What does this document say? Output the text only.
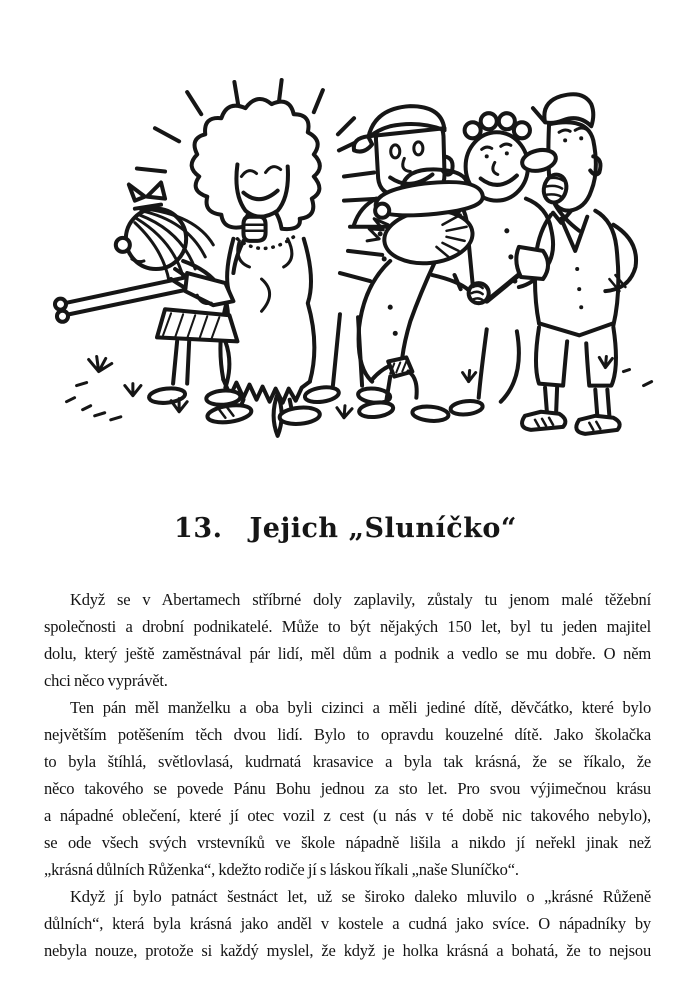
13. Jejich „Sluníčko“
Když se v Abertamech stříbrné doly zaplavily, zůstaly tu jenom malé těžební
společnosti a drobní podnikatelé. Může to být nějakých 150 let, byl tu jeden majitel
dolu, který ještě zaměstnával pár lidí, měl dům a podnik a vedlo se mu dobře. O něm
chci něco vyprávět.
Ten pán měl manželku a oba byli cizinci a měli jediné dítě, děvčátko, které bylo
největším potěšením těch dvou lidí. Bylo to opravdu kouzelné dítě. Jako školačka
to byla štíhlá, světlovlasá, kudrnatá krasavice a byla tak krásná, že se říkalo, že
něco takového se povede Pánu Bohu jednou za sto let. Pro svou výjimečnou krásu
a nápadné oblečení, které jí otec vozil z cest (u nás v té době nic takového nebylo),
se ode všech svých vrstevníků ve škole nápadně lišila a nikdo jí neřekl jinak než
„krásná důlních Růženka“, kdežto rodiče jí s láskou říkali „naše Sluníčko“.
Když jí bylo patnáct šestnáct let, už se široko daleko mluvilo o „krásné Růženě
důlních“, která byla krásná jako anděl v kostele a cudná jako svíce. O nápadníky by
nebyla nouze, protože si každý myslel, že když je holka krásná a bohatá, že to nejsou
